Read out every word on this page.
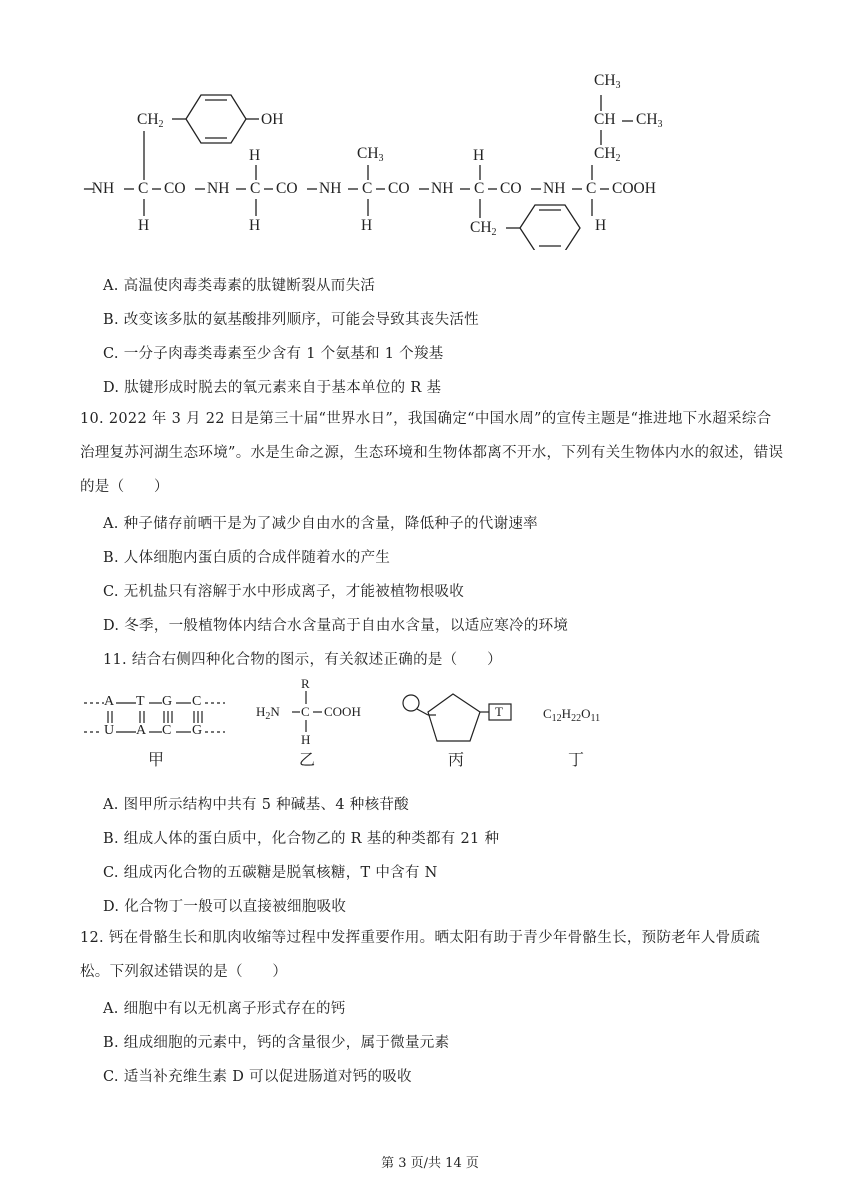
$CH_2$	OH
–NH C
H
CO NH
H
C
H
CO NH
$CH_3$
C
H
CO NH
H
C
$CH_2$
CO NH
$CH_3$
CH $CH_3$
$CH_2$
C
H
COOH
A. 高温使肉毒类毒素的肽键断裂从而失活
B. 改变该多肽的氨基酸排列顺序，可能会导致其丧失活性
C. 一分子肉毒类毒素至少含有 1 个氨基和 1 个羧基
D. 肽键形成时脱去的氧元素来自于基本单位的 R 基
10. 2022 年 3 月 22 日是第三十届“世界水日”，我国确定“中国水周”的宣传主题是“推进地下水超采综合治理复苏河湖生态环境”。水是生命之源，生态环境和生物体都离不开水，下列有关生物体内水的叙述，错误的是（　　）
A. 种子储存前晒干是为了减少自由水的含量，降低种子的代谢速率
B. 人体细胞内蛋白质的合成伴随着水的产生
C. 无机盐只有溶解于水中形成离子，才能被植物根吸收
D. 冬季，一般植物体内结合水含量高于自由水含量，以适应寒冷的环境
11. 结合右侧四种化合物的图示，有关叙述正确的是（　　）
A T G C
U A C G
甲
R
$H_2N$ C COOH
H
乙
T
丙
$C_{12}H_{22}O_{11}$
丁
A. 图甲所示结构中共有 5 种碱基、4 种核苷酸
B. 组成人体的蛋白质中，化合物乙的 R 基的种类都有 21 种
C. 组成丙化合物的五碳糖是脱氧核糖，T 中含有 N
D. 化合物丁一般可以直接被细胞吸收
12. 钙在骨骼生长和肌肉收缩等过程中发挥重要作用。晒太阳有助于青少年骨骼生长，预防老年人骨质疏松。下列叙述错误的是（　　）
A. 细胞中有以无机离子形式存在的钙
B. 组成细胞的元素中，钙的含量很少，属于微量元素
C. 适当补充维生素 D 可以促进肠道对钙的吸收
第 3 页/共 14 页
